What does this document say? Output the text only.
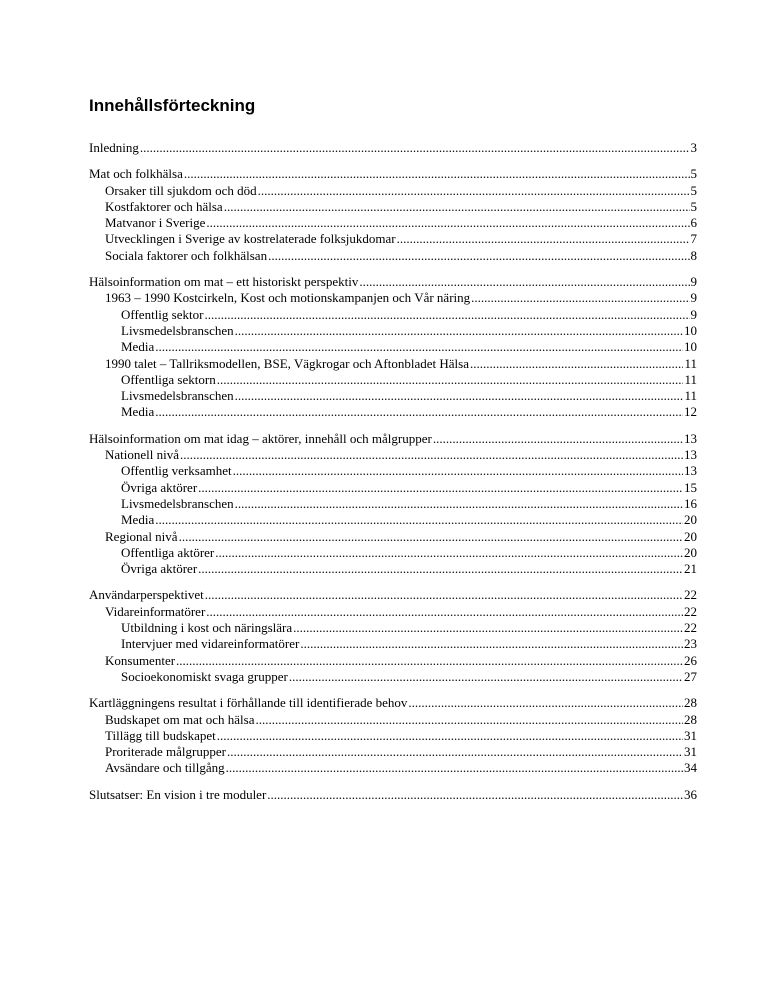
Innehållsförteckning
Inledning .....	3
Mat och folkhälsa .....	5
Orsaker till sjukdom och död .....	5
Kostfaktorer och hälsa .....	5
Matvanor i Sverige .....	6
Utvecklingen i Sverige av kostrelaterade folksjukdomar .....	7
Sociala faktorer och folkhälsan .....	8
Hälsoinformation om mat – ett historiskt perspektiv .....	9
1963 – 1990 Kostcirkeln, Kost och motionskampanjen och Vår näring .....	9
Offentlig sektor .....	9
Livsmedelsbranschen .....	10
Media .....	10
1990 talet – Tallriksmodellen, BSE, Vägkrogar och Aftonbladet Hälsa .....	11
Offentliga sektorn .....	11
Livsmedelsbranschen .....	11
Media .....	12
Hälsoinformation om mat idag – aktörer, innehåll och målgrupper .....	13
Nationell nivå .....	13
Offentlig verksamhet .....	13
Övriga aktörer .....	15
Livsmedelsbranschen .....	16
Media .....	20
Regional nivå .....	20
Offentliga aktörer .....	20
Övriga aktörer .....	21
Användarperspektivet .....	22
Vidareinformatörer .....	22
Utbildning i kost och näringslära .....	22
Intervjuer med vidareinformatörer .....	23
Konsumenter .....	26
Socioekonomiskt svaga grupper .....	27
Kartläggningens resultat i förhållande till identifierade behov .....	28
Budskapet om mat och hälsa .....	28
Tillägg till budskapet .....	31
Proriterade målgrupper .....	31
Avsändare och tillgång .....	34
Slutsatser: En vision i tre moduler .....	36
